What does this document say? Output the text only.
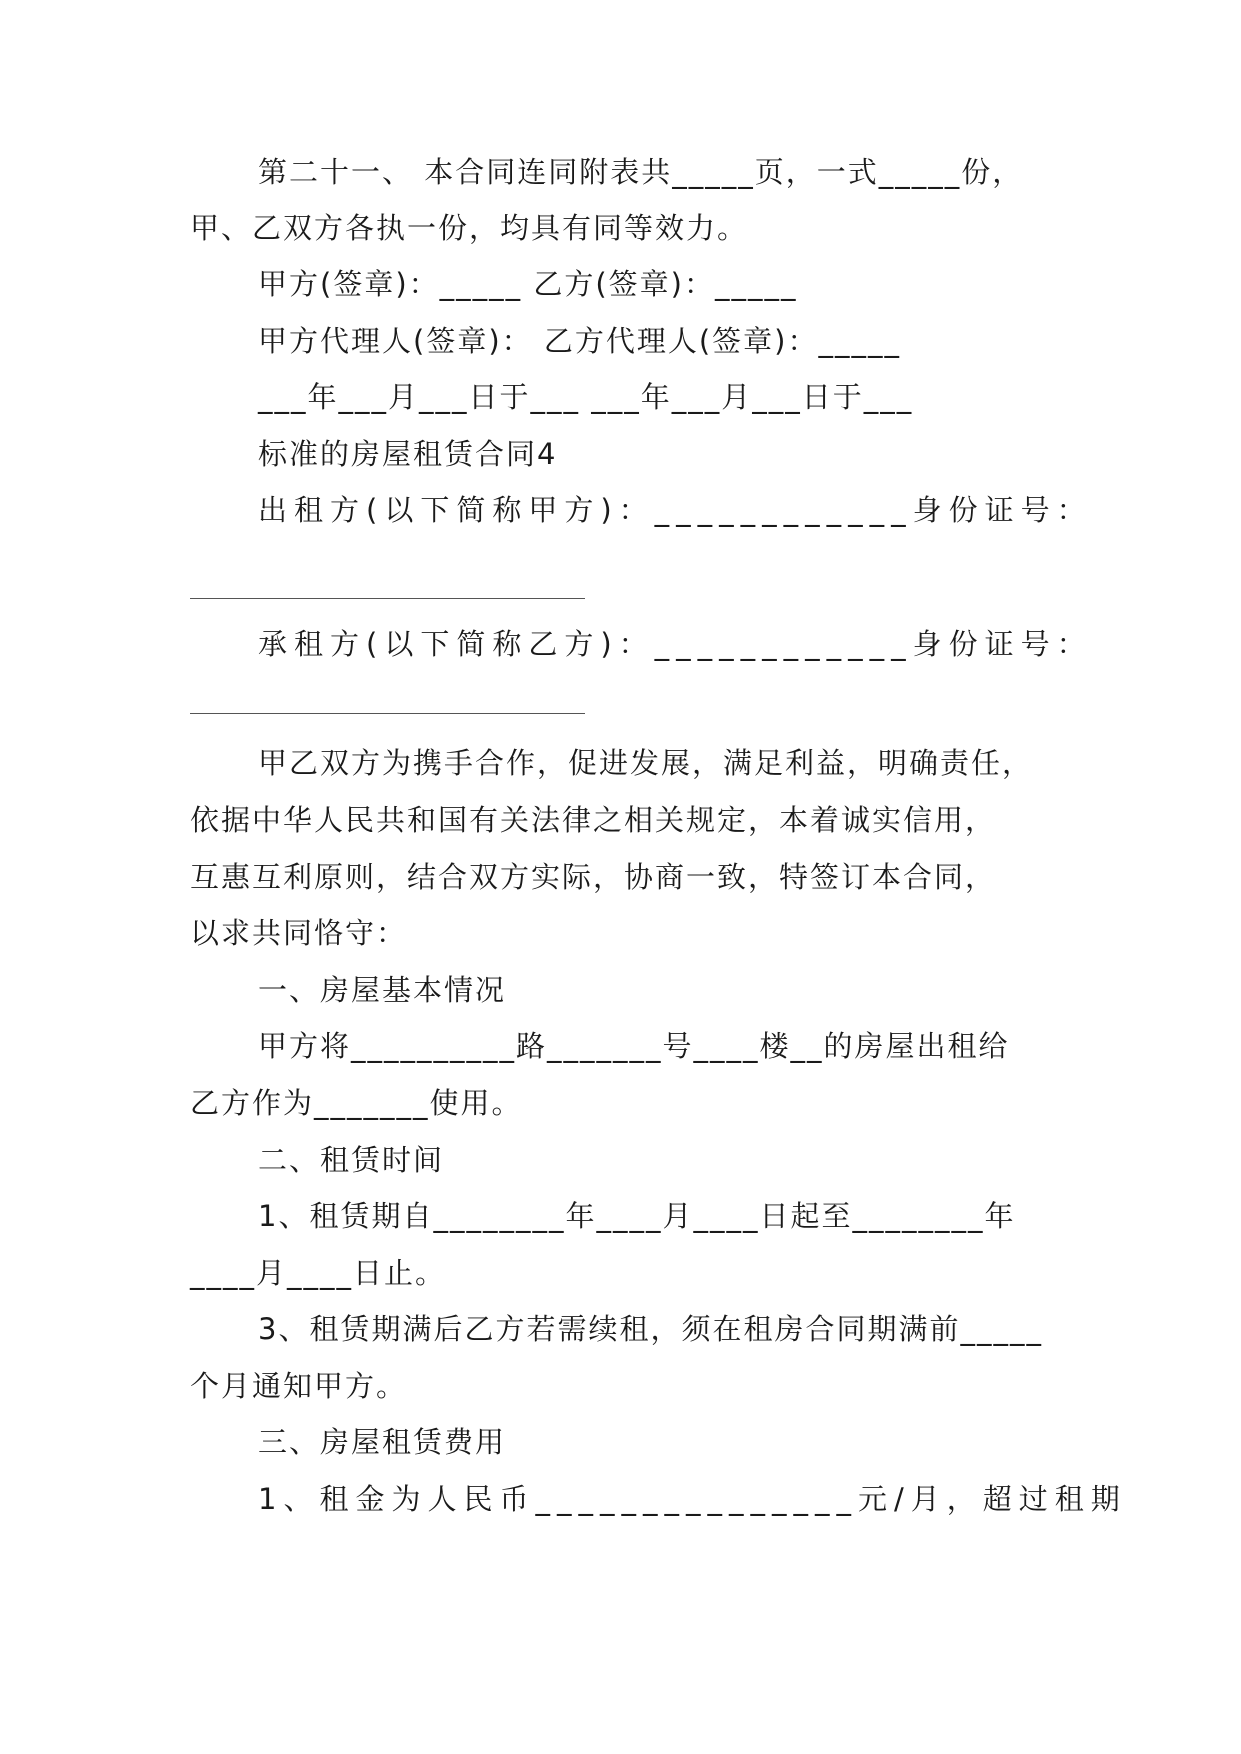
第二十一、 本合同连同附表共_____页，一式_____份，
甲、乙双方各执一份，均具有同等效力。
甲方(签章)：_____ 乙方(签章)：_____
甲方代理人(签章)： 乙方代理人(签章)：_____
___年___月___日于___ ___年___月___日于___
标准的房屋租赁合同4
出租方(以下简称甲方)：____________身份证号：
承租方(以下简称乙方)：____________身份证号：
甲乙双方为携手合作，促进发展，满足利益，明确责任，
依据中华人民共和国有关法律之相关规定，本着诚实信用，
互惠互利原则，结合双方实际，协商一致，特签订本合同，
以求共同恪守：
一、房屋基本情况
甲方将__________路_______号____楼__的房屋出租给
乙方作为_______使用。
二、租赁时间
1、租赁期自________年____月____日起至________年
____月____日止。
3、租赁期满后乙方若需续租，须在租房合同期满前_____
个月通知甲方。
三、房屋租赁费用
1、租金为人民币_______________元/月，超过租期
